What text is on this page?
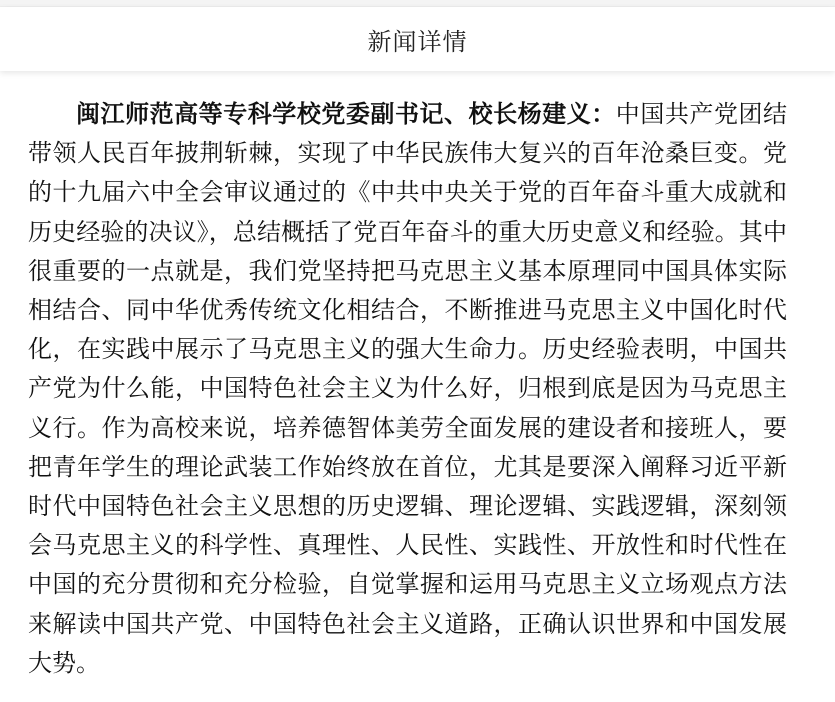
新闻详情

闽江师范高等专科学校党委副书记、校长杨建义：中国共产党团结带领人民百年披荆斩棘，实现了中华民族伟大复兴的百年沧桑巨变。党的十九届六中全会审议通过的《中共中央关于党的百年奋斗重大成就和历史经验的决议》，总结概括了党百年奋斗的重大历史意义和经验。其中很重要的一点就是，我们党坚持把马克思主义基本原理同中国具体实际相结合、同中华优秀传统文化相结合，不断推进马克思主义中国化时代化，在实践中展示了马克思主义的强大生命力。历史经验表明，中国共产党为什么能，中国特色社会主义为什么好，归根到底是因为马克思主义行。作为高校来说，培养德智体美劳全面发展的建设者和接班人，要把青年学生的理论武装工作始终放在首位，尤其是要深入阐释习近平新时代中国特色社会主义思想的历史逻辑、理论逻辑、实践逻辑，深刻领会马克思主义的科学性、真理性、人民性、实践性、开放性和时代性在中国的充分贯彻和充分检验，自觉掌握和运用马克思主义立场观点方法来解读中国共产党、中国特色社会主义道路，正确认识世界和中国发展大势。
